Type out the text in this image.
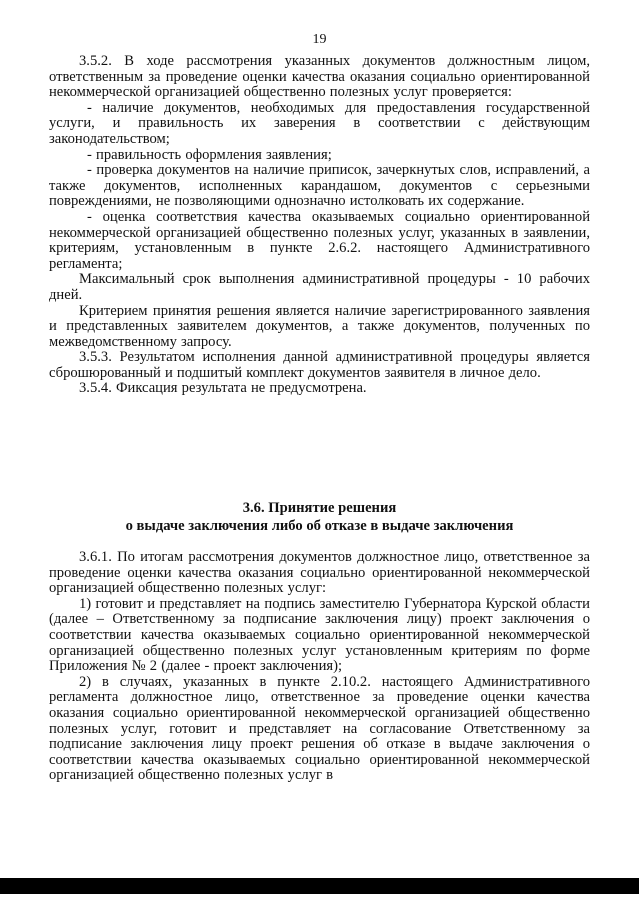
19

3.5.2. В ходе рассмотрения указанных документов должностным лицом, ответственным за проведение оценки качества оказания социально ориентированной некоммерческой организацией общественно полезных услуг проверяется:

- наличие документов, необходимых для предоставления государственной услуги, и правильность их заверения в соответствии с действующим законодательством;

- правильность оформления заявления;

- проверка документов на наличие приписок, зачеркнутых слов, исправлений, а также документов, исполненных карандашом, документов с серьезными повреждениями, не позволяющими однозначно истолковать их содержание.

- оценка соответствия качества оказываемых социально ориентированной некоммерческой организацией общественно полезных услуг, указанных в заявлении, критериям, установленным в пункте 2.6.2. настоящего Административного регламента;

Максимальный срок выполнения административной процедуры - 10 рабочих дней.

Критерием принятия решения является наличие зарегистрированного заявления и представленных заявителем документов, а также документов, полученных по межведомственному запросу.

3.5.3. Результатом исполнения данной административной процедуры является сброшюрованный и подшитый комплект документов заявителя в личное дело.

3.5.4. Фиксация результата не предусмотрена.

3.6. Принятие решения

о выдаче заключения либо об отказе в выдаче заключения

3.6.1. По итогам рассмотрения документов должностное лицо, ответственное за проведение оценки качества оказания социально ориентированной некоммерческой организацией общественно полезных услуг:

1) готовит и представляет на подпись заместителю Губернатора Курской области (далее – Ответственному за подписание заключения лицу) проект заключения о соответствии качества оказываемых социально ориентированной некоммерческой организацией общественно полезных услуг установленным критериям по форме Приложения № 2 (далее - проект заключения);

2) в случаях, указанных в пункте 2.10.2. настоящего Административного регламента должностное лицо, ответственное за проведение оценки качества оказания социально ориентированной некоммерческой организацией общественно полезных услуг, готовит и представляет на согласование Ответственному за подписание заключения лицу проект решения об отказе в выдаче заключения о соответствии качества оказываемых социально ориентированной некоммерческой организацией общественно полезных услуг в
